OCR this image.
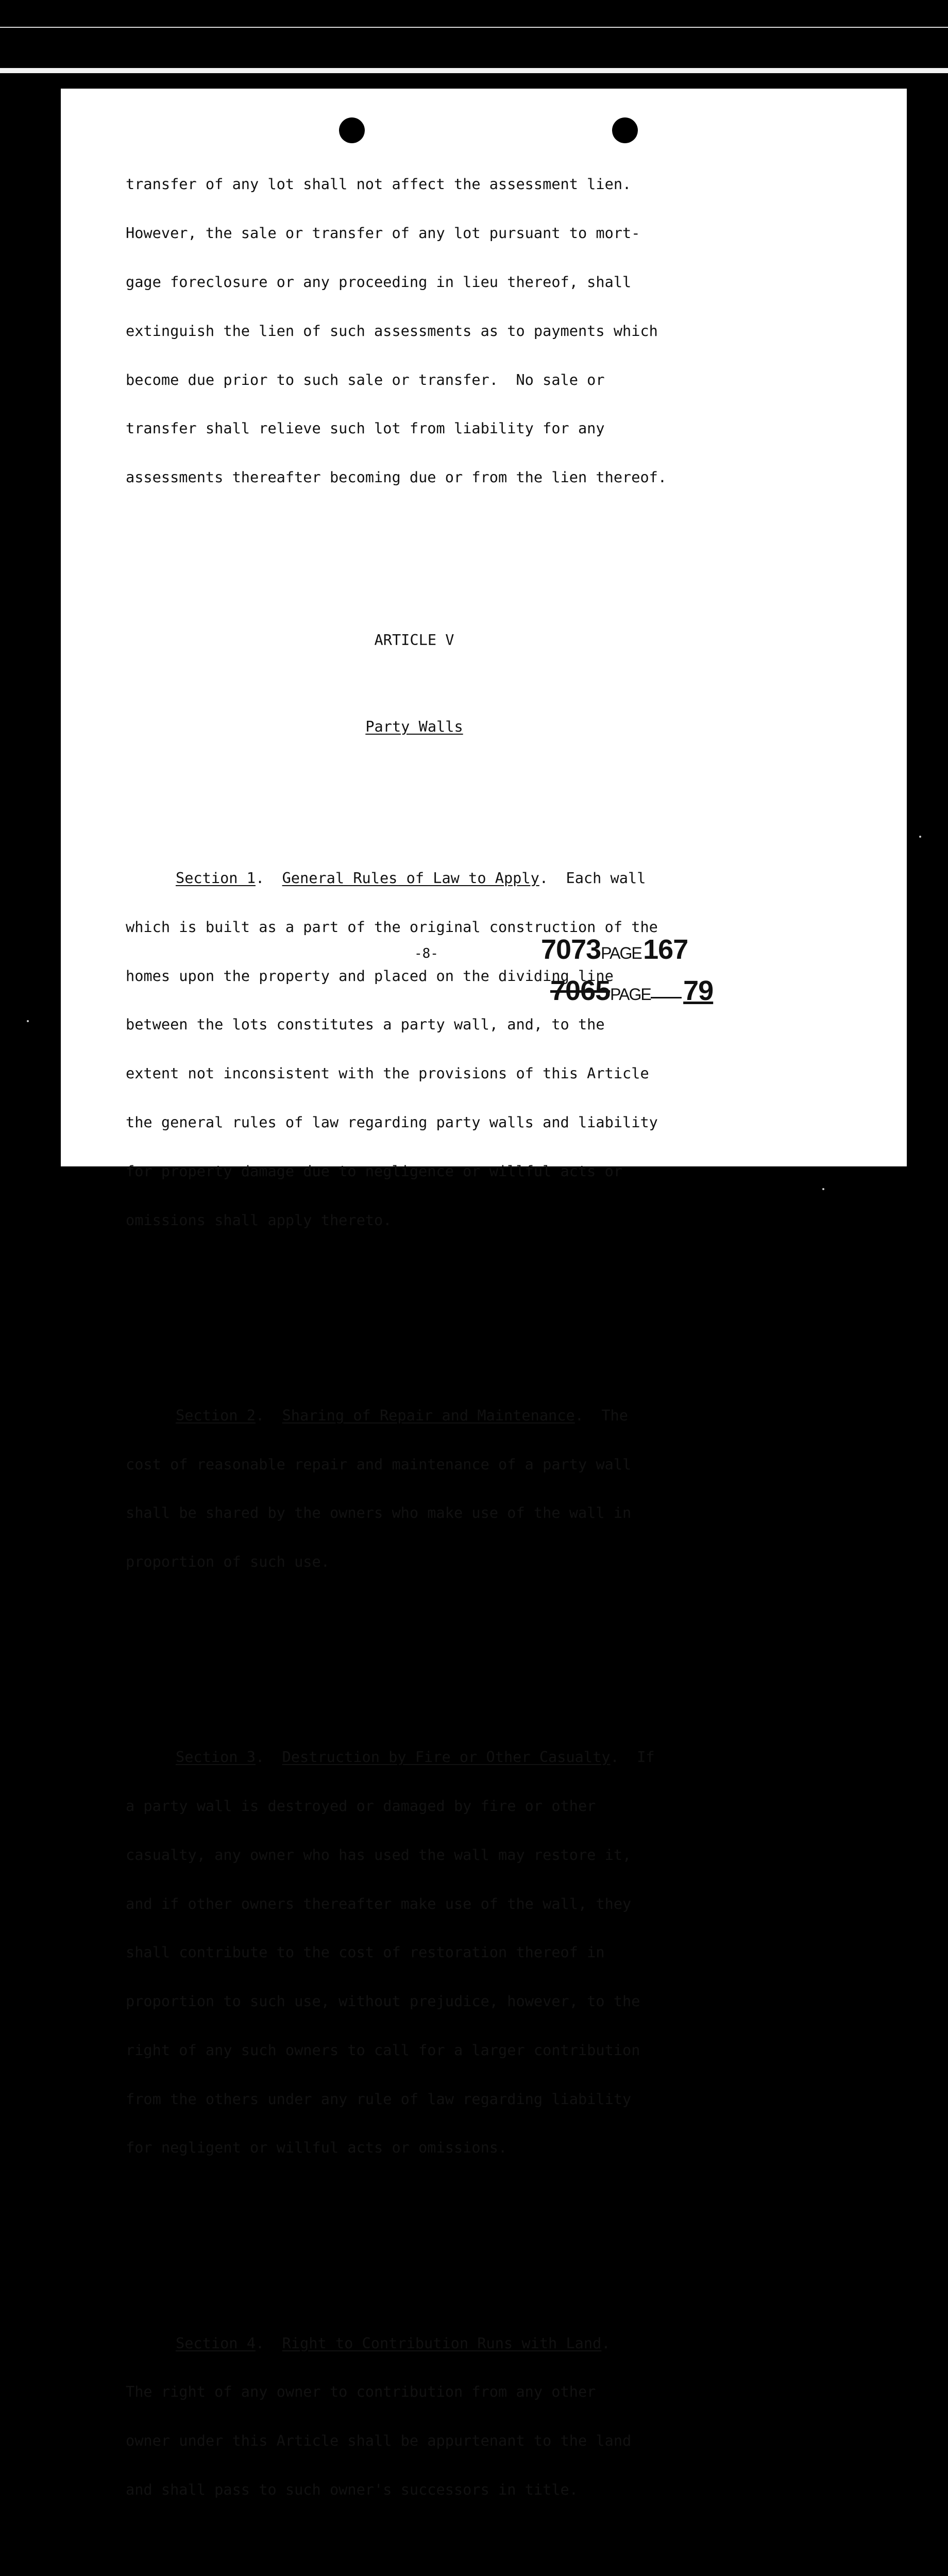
transfer of any lot shall not affect the assessment lien.

However, the sale or transfer of any lot pursuant to mort-

gage foreclosure or any proceeding in lieu thereof, shall

extinguish the lien of such assessments as to payments which

become due prior to such sale or transfer.  No sale or

transfer shall relieve such lot from liability for any

assessments thereafter becoming due or from the lien thereof.

ARTICLE V

Party Walls

Section 1.  General Rules of Law to Apply.  Each wall

which is built as a part of the original construction of the

homes upon the property and placed on the dividing line

between the lots constitutes a party wall, and, to the

extent not inconsistent with the provisions of this Article

the general rules of law regarding party walls and liability

for property damage due to negligence or willful acts or

omissions shall apply thereto.

Section 2.  Sharing of Repair and Maintenance.  The

cost of reasonable repair and maintenance of a party wall

shall be shared by the owners who make use of the wall in

proportion of such use.

Section 3.  Destruction by Fire or Other Casualty.  If

a party wall is destroyed or damaged by fire or other

casualty, any owner who has used the wall may restore it,

and if other owners thereafter make use of the wall, they

shall contribute to the cost of restoration thereof in

proportion to such use, without prejudice, however, to the

right of any such owners to call for a larger contribution

from the others under any rule of law regarding liability

for negligent or willful acts or omissions.

Section 4.  Right to Contribution Runs with Land.

The right of any owner to contribution from any other

owner under this Article shall be appurtenant to the land

and shall pass to such owner's successors in title.

-8-	7073PAGE 167
7065PAGE 79
